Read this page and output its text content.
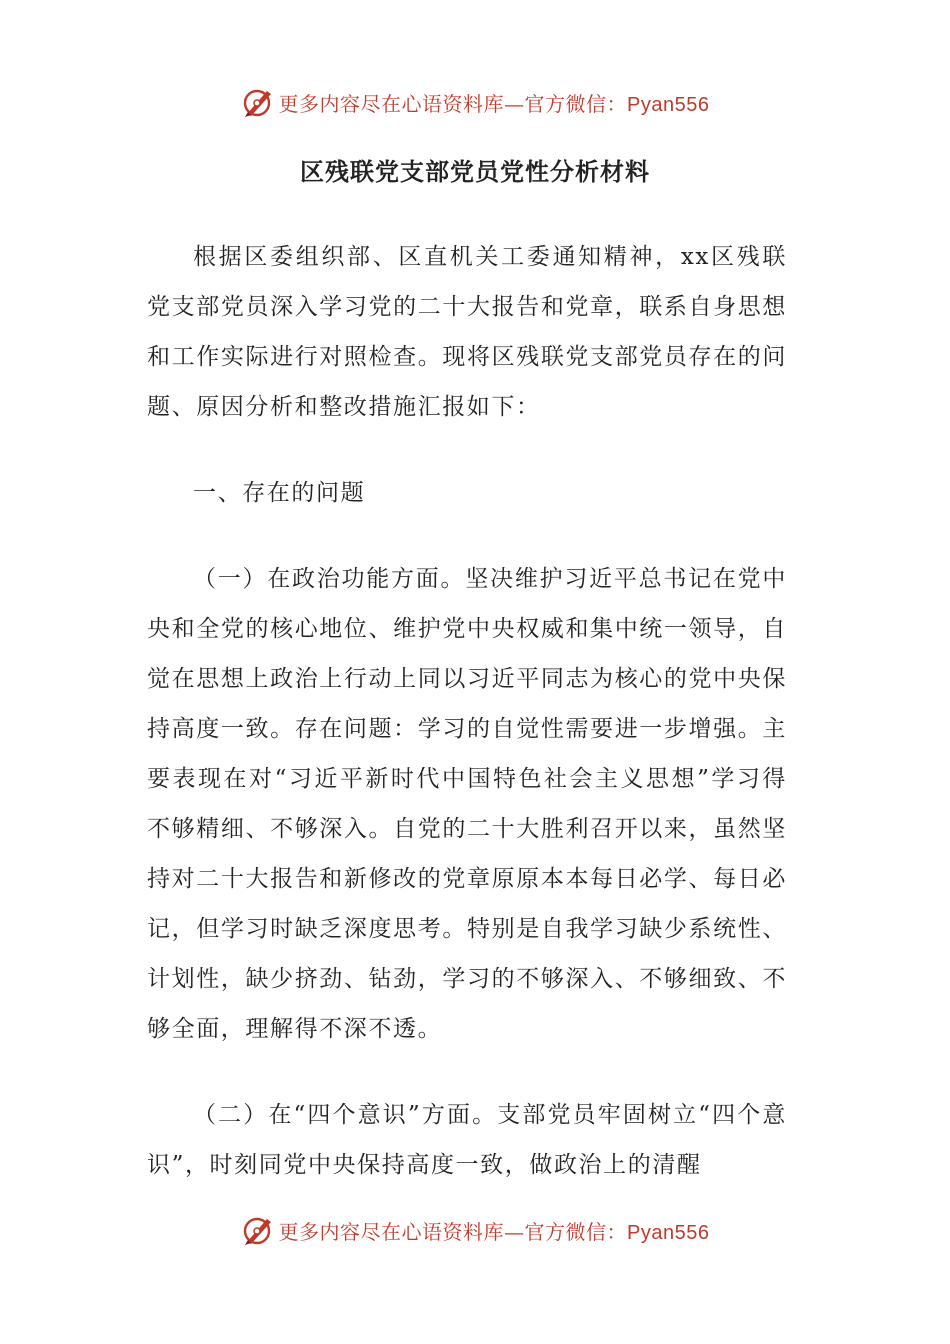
更多内容尽在心语资料库—官方微信：Pyan556
区残联党支部党员党性分析材料

根据区委组织部、区直机关工委通知精神，xx区残联党支部党员深入学习党的二十大报告和党章，联系自身思想和工作实际进行对照检查。现将区残联党支部党员存在的问题、原因分析和整改措施汇报如下：

一、存在的问题

（一）在政治功能方面。坚决维护习近平总书记在党中央和全党的核心地位、维护党中央权威和集中统一领导，自觉在思想上政治上行动上同以习近平同志为核心的党中央保持高度一致。存在问题：学习的自觉性需要进一步增强。主要表现在对“习近平新时代中国特色社会主义思想”学习得不够精细、不够深入。自党的二十大胜利召开以来，虽然坚持对二十大报告和新修改的党章原原本本每日必学、每日必记，但学习时缺乏深度思考。特别是自我学习缺少系统性、计划性，缺少挤劲、钻劲，学习的不够深入、不够细致、不够全面，理解得不深不透。

（二）在“四个意识”方面。支部党员牢固树立“四个意识”，时刻同党中央保持高度一致，做政治上的清醒

更多内容尽在心语资料库—官方微信：Pyan556
